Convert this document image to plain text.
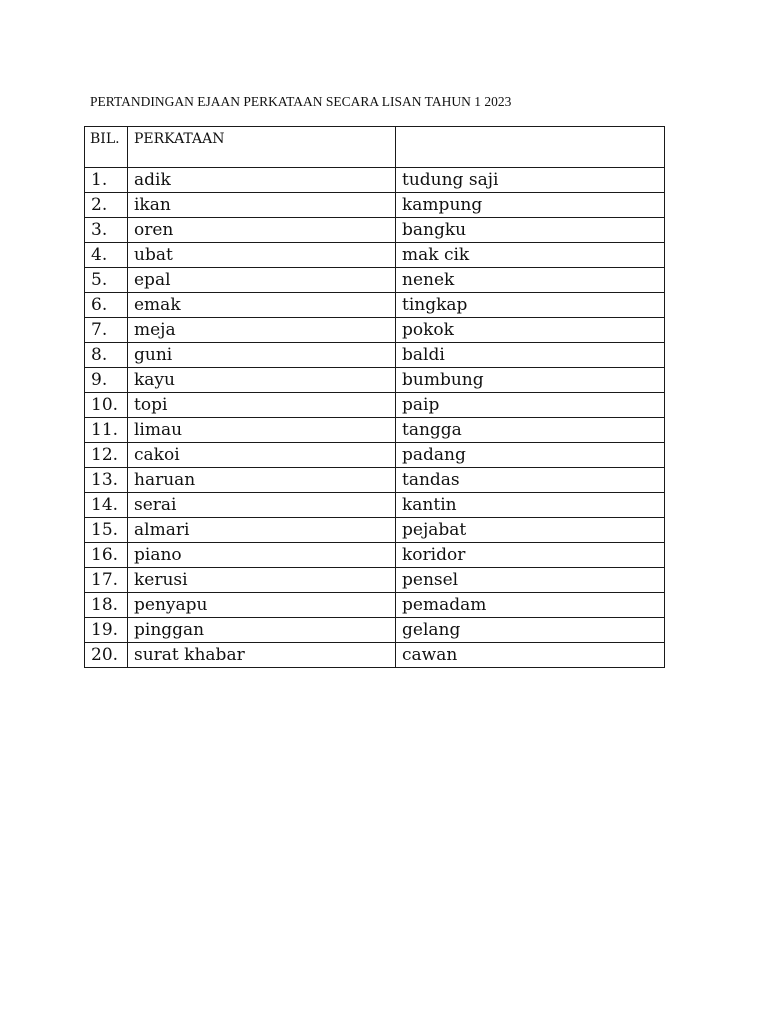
PERTANDINGAN EJAAN PERKATAAN SECARA LISAN TAHUN 1 2023
BIL.	PERKATAAN	
1.	adik	tudung saji
2.	ikan	kampung
3.	oren	bangku
4.	ubat	mak cik
5.	epal	nenek
6.	emak	tingkap
7.	meja	pokok
8.	guni	baldi
9.	kayu	bumbung
10.	topi	paip
11.	limau	tangga
12.	cakoi	padang
13.	haruan	tandas
14.	serai	kantin
15.	almari	pejabat
16.	piano	koridor
17.	kerusi	pensel
18.	penyapu	pemadam
19.	pinggan	gelang
20.	surat khabar	cawan
